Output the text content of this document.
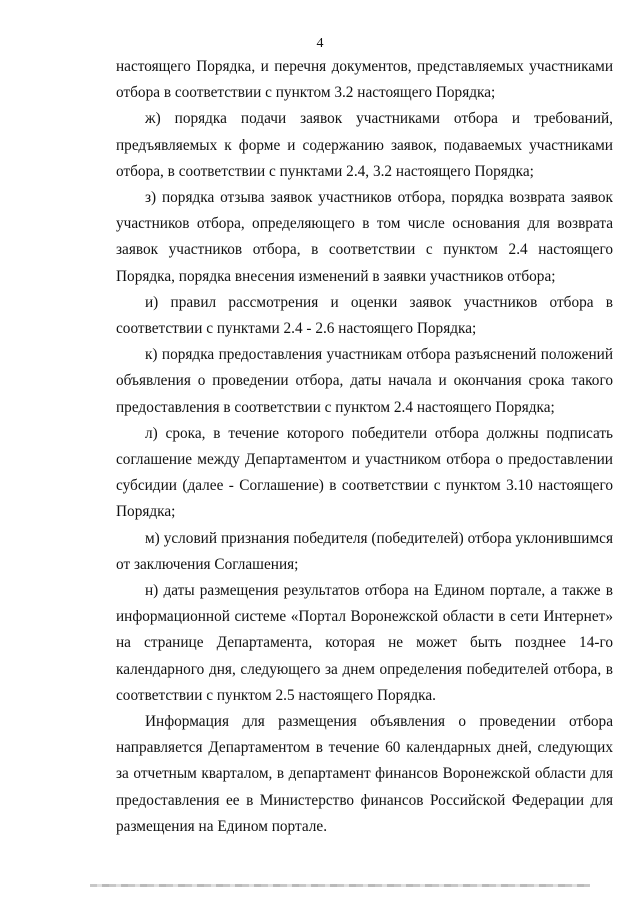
4

настоящего Порядка, и перечня документов, представляемых участниками отбора в соответствии с пунктом 3.2 настоящего Порядка;

ж) порядка подачи заявок участниками отбора и требований, предъявляемых к форме и содержанию заявок, подаваемых участниками отбора, в соответствии с пунктами 2.4, 3.2 настоящего Порядка;

з) порядка отзыва заявок участников отбора, порядка возврата заявок участников отбора, определяющего в том числе основания для возврата заявок участников отбора, в соответствии с пунктом 2.4 настоящего Порядка, порядка внесения изменений в заявки участников отбора;

и) правил рассмотрения и оценки заявок участников отбора в соответствии с пунктами 2.4 - 2.6 настоящего Порядка;

к) порядка предоставления участникам отбора разъяснений положений объявления о проведении отбора, даты начала и окончания срока такого предоставления в соответствии с пунктом 2.4 настоящего Порядка;

л) срока, в течение которого победители отбора должны подписать соглашение между Департаментом и участником отбора о предоставлении субсидии (далее - Соглашение) в соответствии с пунктом 3.10 настоящего Порядка;

м) условий признания победителя (победителей) отбора уклонившимся от заключения Соглашения;

н) даты размещения результатов отбора на Едином портале, а также в информационной системе «Портал Воронежской области в сети Интернет» на странице Департамента, которая не может быть позднее 14-го календарного дня, следующего за днем определения победителей отбора, в соответствии с пунктом 2.5 настоящего Порядка.

Информация для размещения объявления о проведении отбора направляется Департаментом в течение 60 календарных дней, следующих за отчетным кварталом, в департамент финансов Воронежской области для предоставления ее в Министерство финансов Российской Федерации для размещения на Едином портале.
